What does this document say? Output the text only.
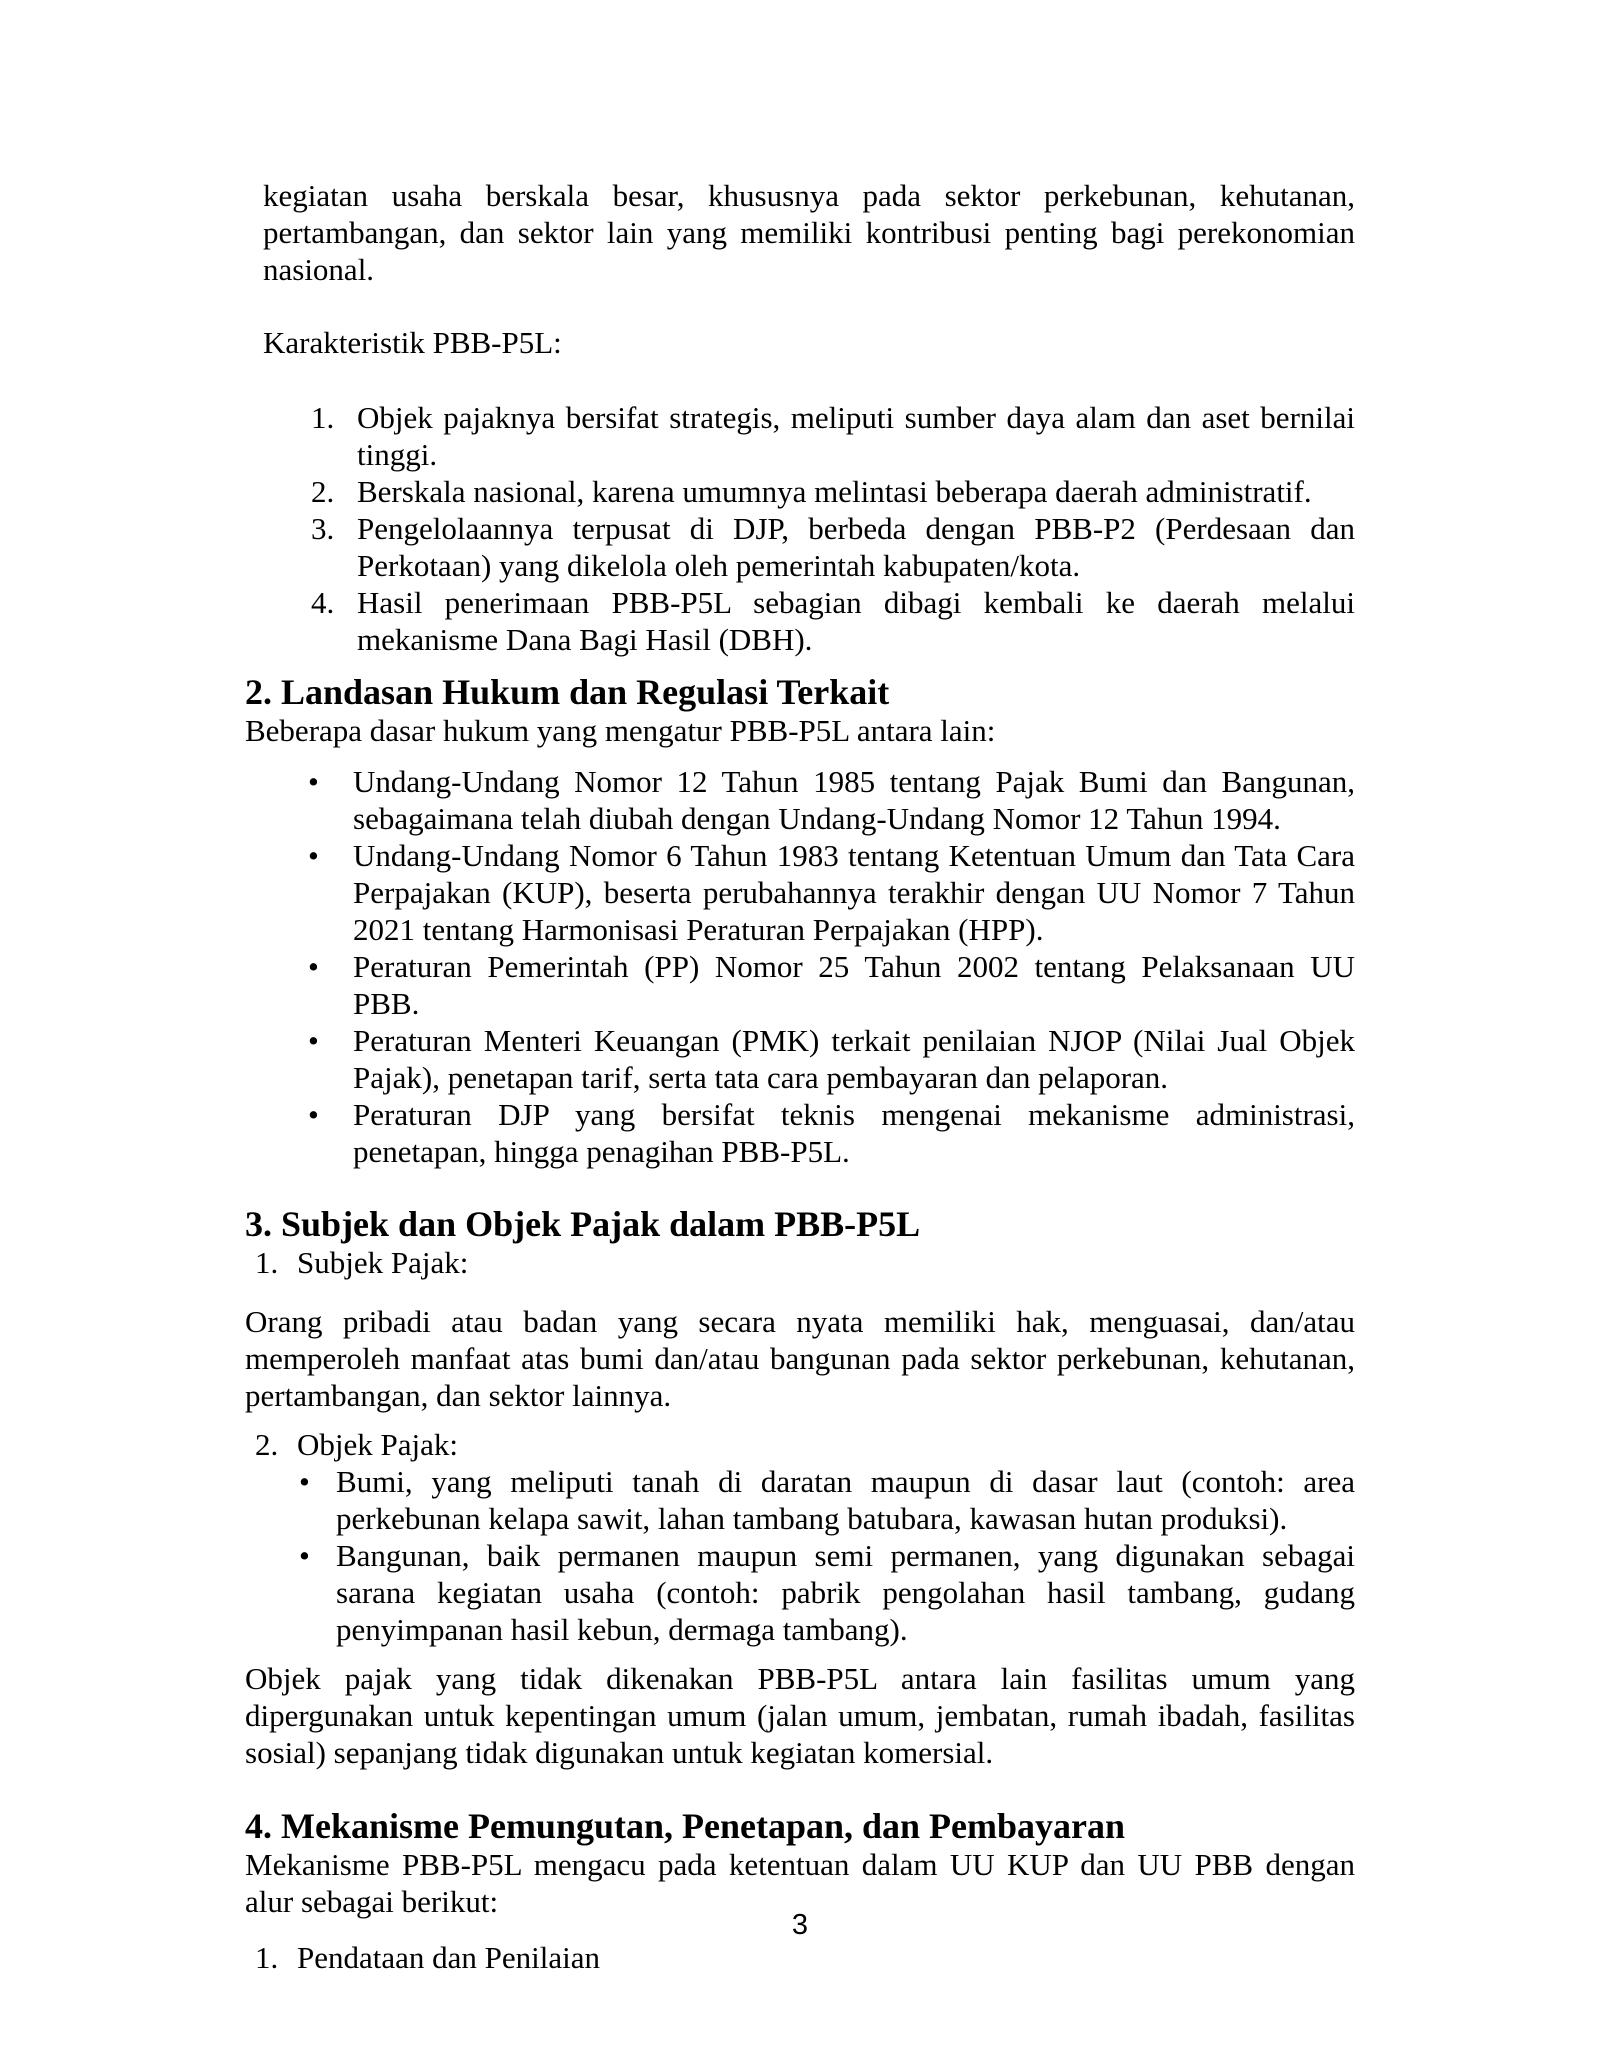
kegiatan usaha berskala besar, khususnya pada sektor perkebunan, kehutanan, pertambangan, dan sektor lain yang memiliki kontribusi penting bagi perekonomian nasional.

Karakteristik PBB-P5L:

1. Objek pajaknya bersifat strategis, meliputi sumber daya alam dan aset bernilai tinggi.
2. Berskala nasional, karena umumnya melintasi beberapa daerah administratif.
3. Pengelolaannya terpusat di DJP, berbeda dengan PBB-P2 (Perdesaan dan Perkotaan) yang dikelola oleh pemerintah kabupaten/kota.
4. Hasil penerimaan PBB-P5L sebagian dibagi kembali ke daerah melalui mekanisme Dana Bagi Hasil (DBH).
2. Landasan Hukum dan Regulasi Terkait

Beberapa dasar hukum yang mengatur PBB-P5L antara lain:

• Undang-Undang Nomor 12 Tahun 1985 tentang Pajak Bumi dan Bangunan, sebagaimana telah diubah dengan Undang-Undang Nomor 12 Tahun 1994.
• Undang-Undang Nomor 6 Tahun 1983 tentang Ketentuan Umum dan Tata Cara Perpajakan (KUP), beserta perubahannya terakhir dengan UU Nomor 7 Tahun 2021 tentang Harmonisasi Peraturan Perpajakan (HPP).
• Peraturan Pemerintah (PP) Nomor 25 Tahun 2002 tentang Pelaksanaan UU PBB.
• Peraturan Menteri Keuangan (PMK) terkait penilaian NJOP (Nilai Jual Objek Pajak), penetapan tarif, serta tata cara pembayaran dan pelaporan.
• Peraturan DJP yang bersifat teknis mengenai mekanisme administrasi, penetapan, hingga penagihan PBB-P5L.
3. Subjek dan Objek Pajak dalam PBB-P5L
1. Subjek Pajak:

Orang pribadi atau badan yang secara nyata memiliki hak, menguasai, dan/atau memperoleh manfaat atas bumi dan/atau bangunan pada sektor perkebunan, kehutanan, pertambangan, dan sektor lainnya.

2. Objek Pajak:
• Bumi, yang meliputi tanah di daratan maupun di dasar laut (contoh: area perkebunan kelapa sawit, lahan tambang batubara, kawasan hutan produksi).
• Bangunan, baik permanen maupun semi permanen, yang digunakan sebagai sarana kegiatan usaha (contoh: pabrik pengolahan hasil tambang, gudang penyimpanan hasil kebun, dermaga tambang).

Objek pajak yang tidak dikenakan PBB-P5L antara lain fasilitas umum yang dipergunakan untuk kepentingan umum (jalan umum, jembatan, rumah ibadah, fasilitas sosial) sepanjang tidak digunakan untuk kegiatan komersial.

4. Mekanisme Pemungutan, Penetapan, dan Pembayaran

Mekanisme PBB-P5L mengacu pada ketentuan dalam UU KUP dan UU PBB dengan alur sebagai berikut:

1. Pendataan dan Penilaian
3
